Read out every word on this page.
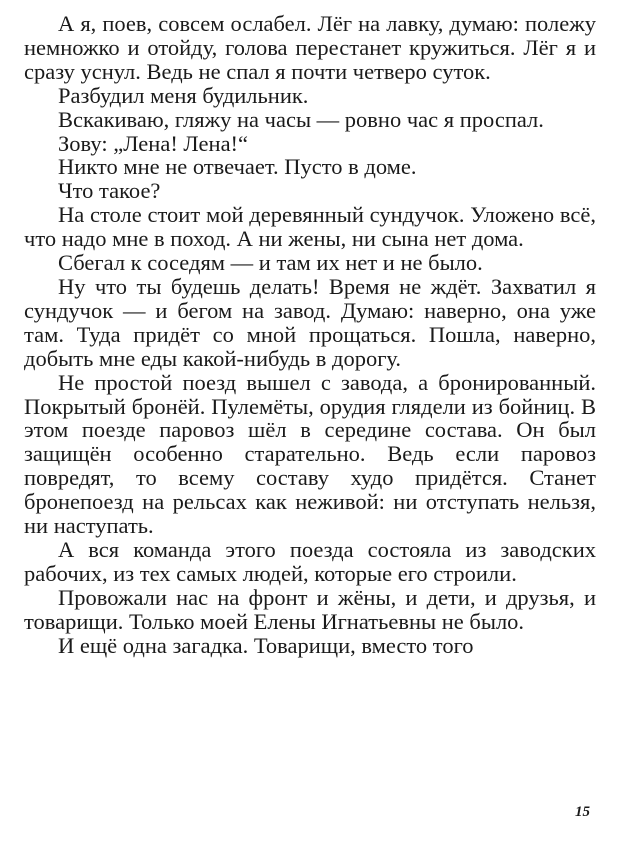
А я, поев, совсем ослабел. Лёг на лавку, думаю: полежу немножко и отойду, голова перестанет кружиться. Лёг я и сразу уснул. Ведь не спал я почти четверо суток.

Разбудил меня будильник.

Вскакиваю, гляжу на часы — ровно час я проспал.

Зову: „Лена! Лена!“

Никто мне не отвечает. Пусто в доме.

Что такое?

На столе стоит мой деревянный сундучок. Уложено всё, что надо мне в поход. А ни жены, ни сына нет дома.

Сбегал к соседям — и там их нет и не было.

Ну что ты будешь делать! Время не ждёт. Захватил я сундучок — и бегом на завод. Думаю: наверно, она уже там. Туда придёт со мной прощаться. Пошла, наверно, добыть мне еды какой-нибудь в дорогу.

Не простой поезд вышел с завода, а бронированный. Покрытый бронёй. Пулемёты, орудия глядели из бойниц. В этом поезде паровоз шёл в середине состава. Он был защищён особенно старательно. Ведь если паровоз повредят, то всему составу худо придётся. Станет бронепоезд на рельсах как неживой: ни отступать нельзя, ни наступать.

А вся команда этого поезда состояла из заводских рабочих, из тех самых людей, которые его строили.

Провожали нас на фронт и жёны, и дети, и друзья, и товарищи. Только моей Елены Игнатьевны не было.

И ещё одна загадка. Товарищи, вместо того

15
